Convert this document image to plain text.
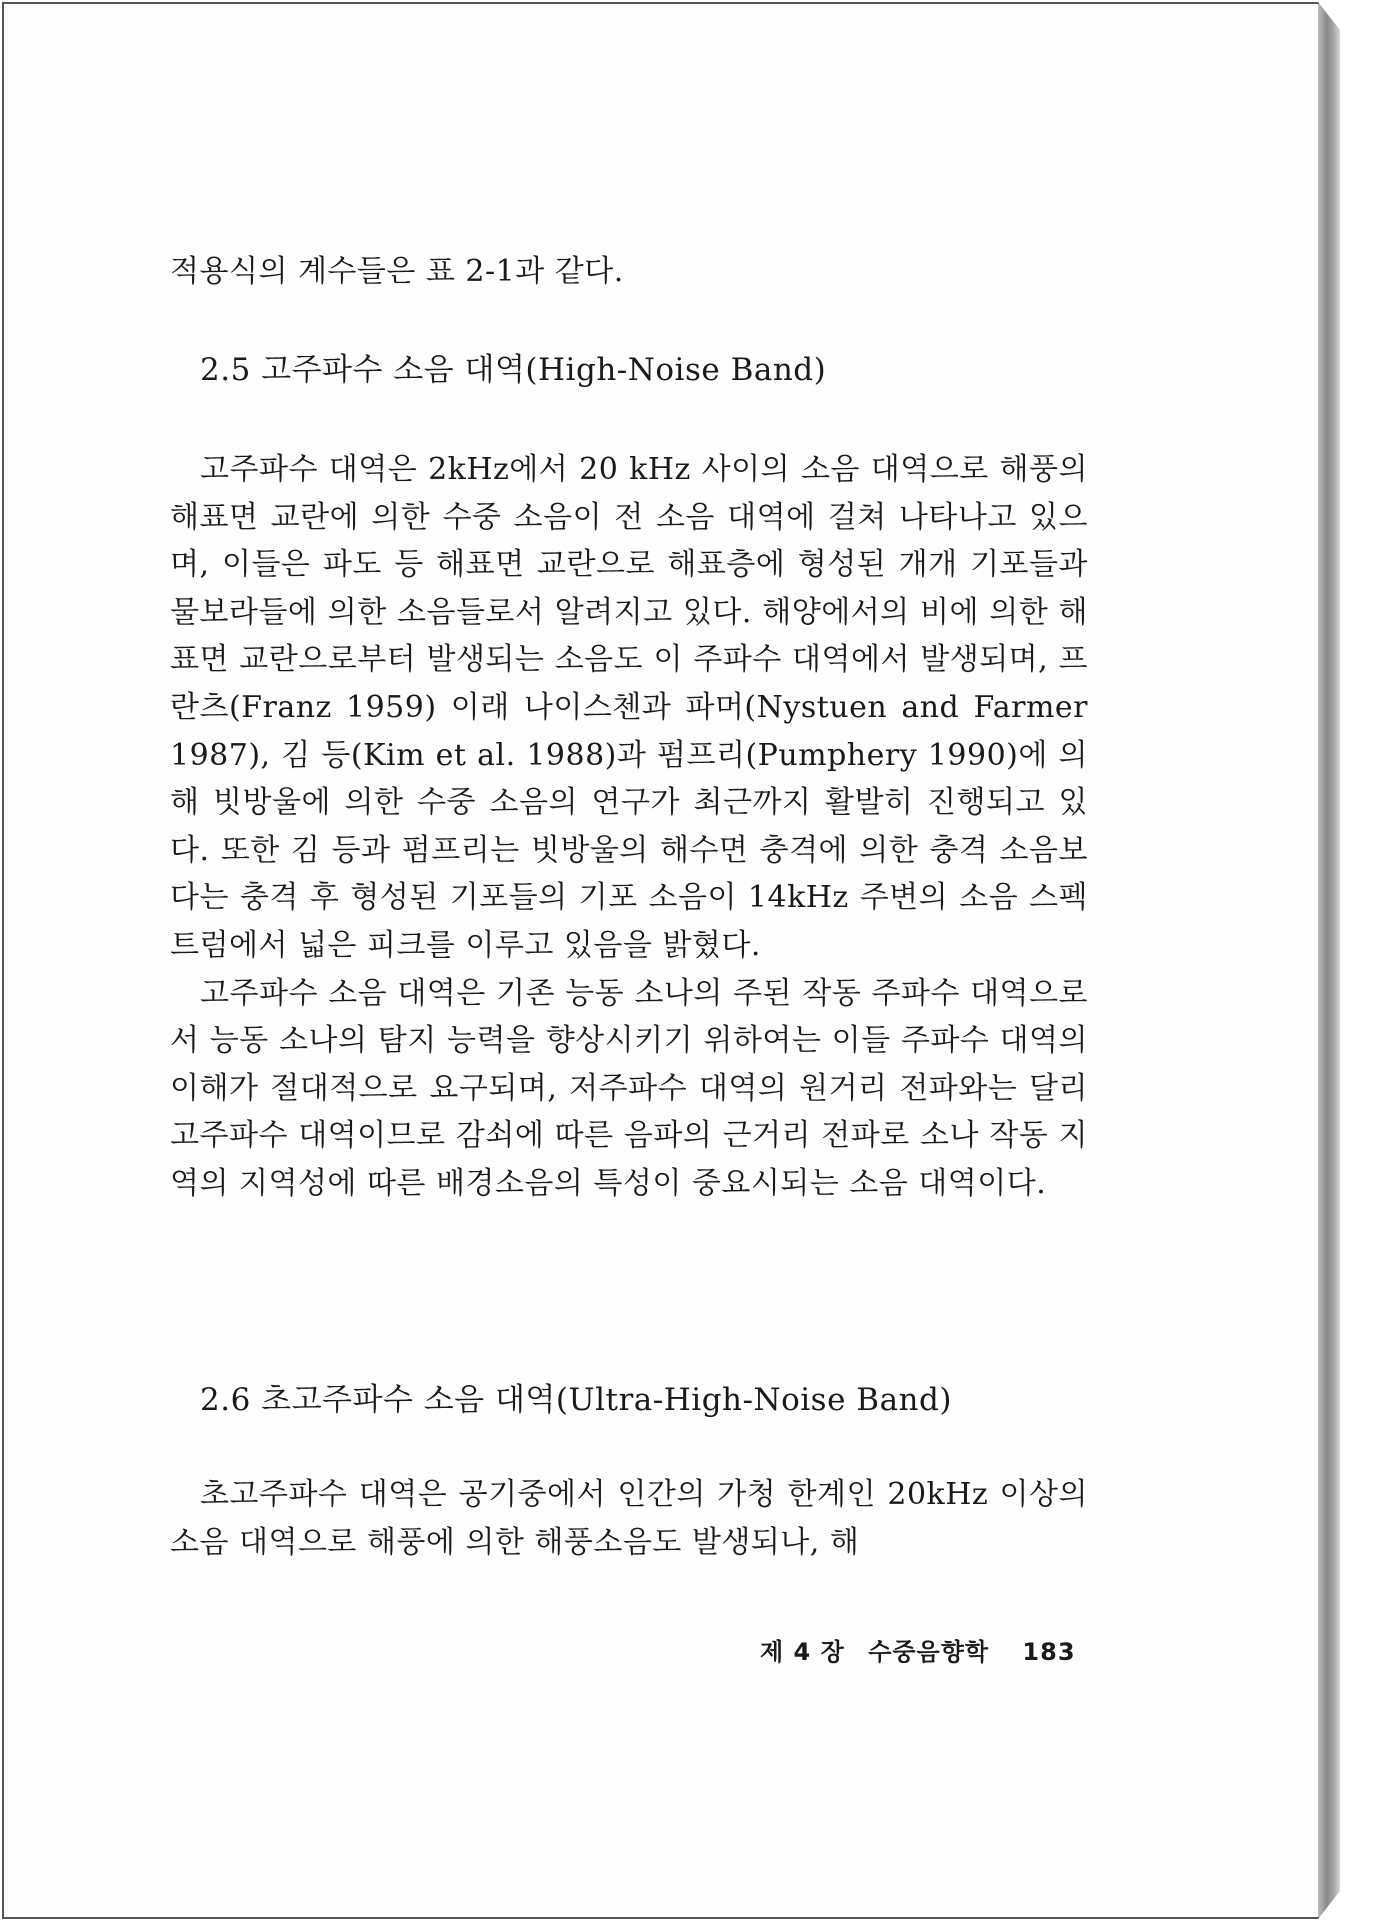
적용식의 계수들은 표 2-1과 같다.
2.5 고주파수 소음 대역(High-Noise Band)

고주파수 대역은 2kHz에서 20 kHz 사이의 소음 대역으로 해풍의 해표면 교란에 의한 수중 소음이 전 소음 대역에 걸쳐 나타나고 있으며, 이들은 파도 등 해표면 교란으로 해표층에 형성된 개개 기포들과 물보라들에 의한 소음들로서 알려지고 있다. 해양에서의 비에 의한 해표면 교란으로부터 발생되는 소음도 이 주파수 대역에서 발생되며, 프란츠(Franz 1959) 이래 나이스첸과 파머(Nystuen and Farmer 1987), 김 등(Kim et al. 1988)과 펌프리(Pumphery 1990)에 의해 빗방울에 의한 수중 소음의 연구가 최근까지 활발히 진행되고 있다. 또한 김 등과 펌프리는 빗방울의 해수면 충격에 의한 충격 소음보다는 충격 후 형성된 기포들의 기포 소음이 14kHz 주변의 소음 스펙트럼에서 넓은 피크를 이루고 있음을 밝혔다.

고주파수 소음 대역은 기존 능동 소나의 주된 작동 주파수 대역으로서 능동 소나의 탐지 능력을 향상시키기 위하여는 이들 주파수 대역의 이해가 절대적으로 요구되며, 저주파수 대역의 원거리 전파와는 달리 고주파수 대역이므로 감쇠에 따른 음파의 근거리 전파로 소나 작동 지역의 지역성에 따른 배경소음의 특성이 중요시되는 소음 대역이다.

2.6 초고주파수 소음 대역(Ultra-High-Noise Band)

초고주파수 대역은 공기중에서 인간의 가청 한계인 20kHz 이상의 소음 대역으로 해풍에 의한 해풍소음도 발생되나, 해

제 4 장 수중음향학 183
